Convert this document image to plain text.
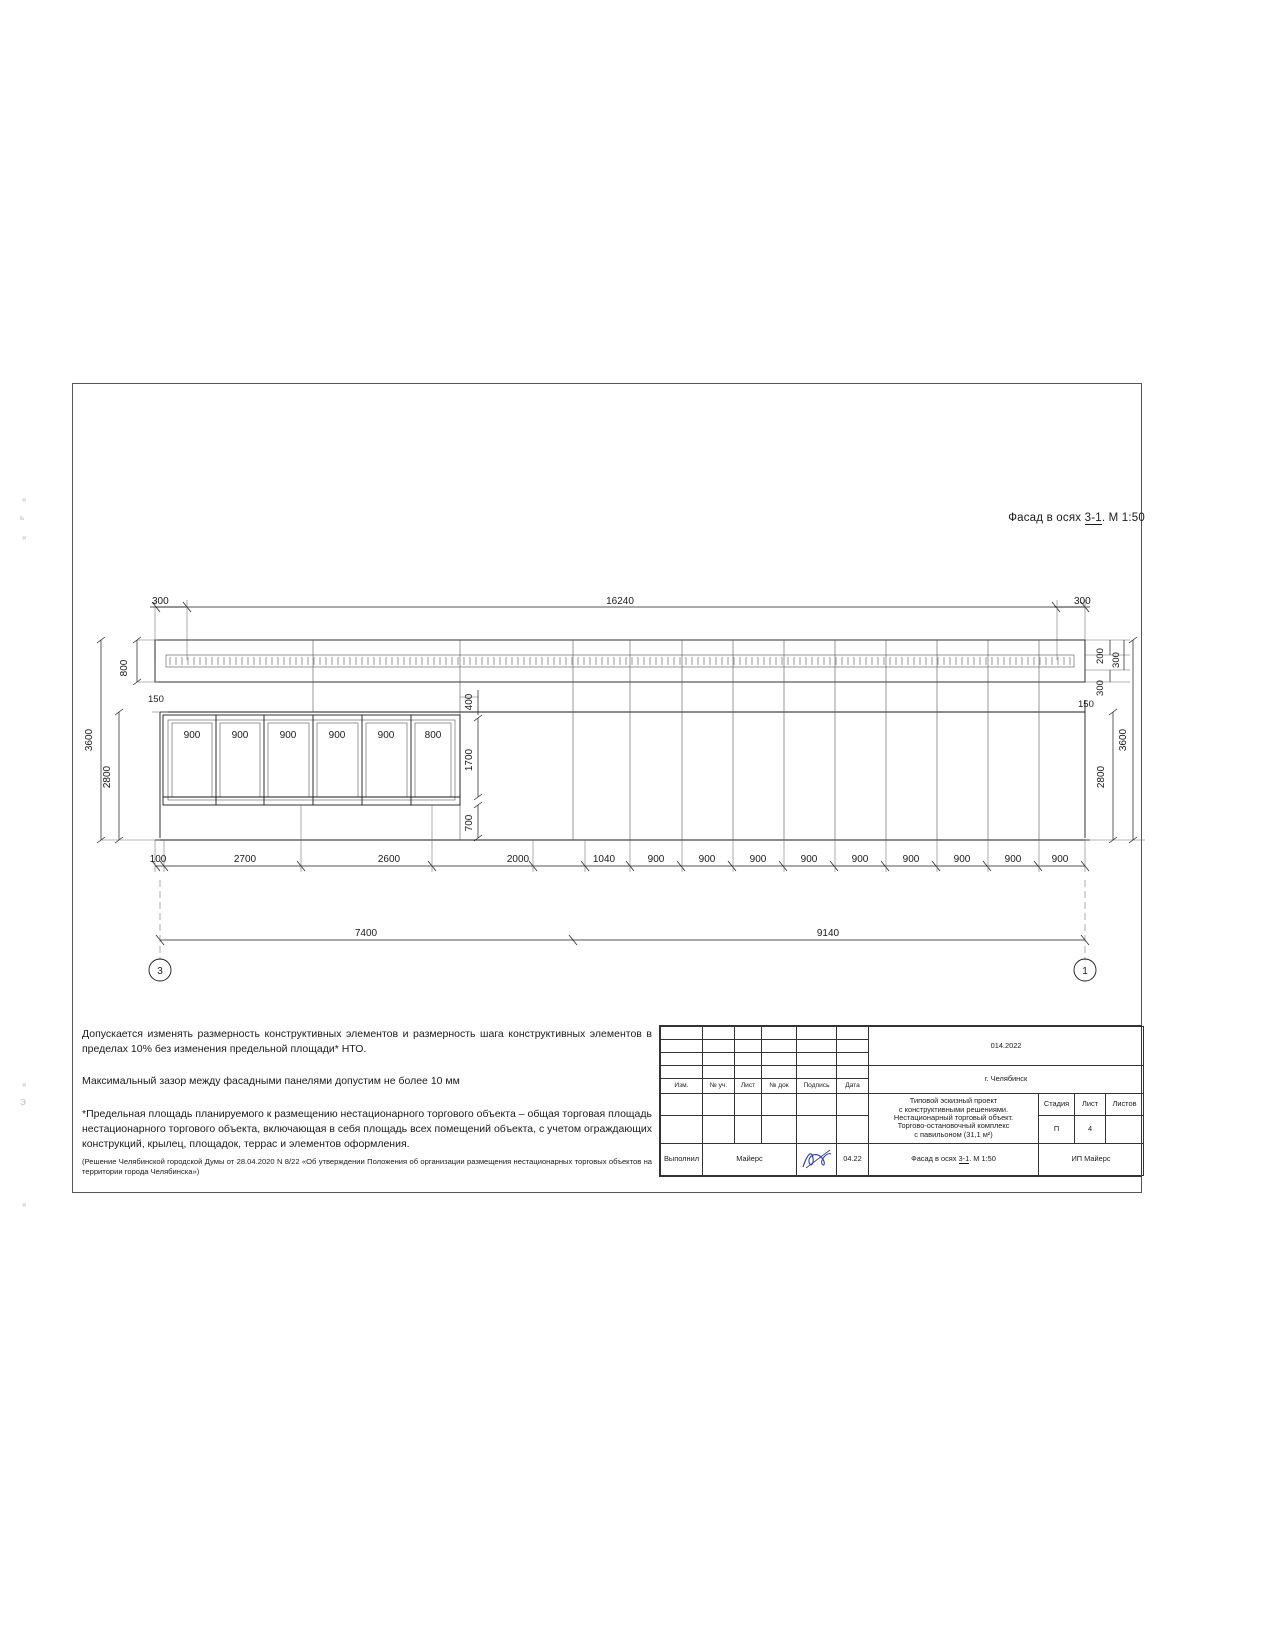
«
ь
«
«
Э
«
Фасад в осях 3-1. М 1:50
16240
300	300
900	900	900	900	900	800
800
150
2800
3600
200
300
300
150
2800
3600
400
1700
700
100	2700	2600	2000	1040	900	900	900	900	900	900	900	900	900
7400	9140
3	1

Допускается изменять размерность конструктивных элементов и размерность шага конструктивных элементов в пределах 10% без изменения предельной площади* НТО.

Максимальный зазор между фасадными панелями допустим не более 10 мм

*Предельная площадь планируемого к размещению нестационарного торгового объекта – общая торговая площадь нестационарного торгового объекта, включающая в себя площадь всех помещений объекта, с учетом ограждающих конструкций, крылец, площадок, террас и элементов оформления.

(Решение Челябинской городской Думы от 28.04.2020 N 8/22 «Об утверждении Положения об организации размещения нестационарных торговых объектов на территории города Челябинска»)

						014.2022			

						г. Челябинск			
Изм.	№ уч.	Лист	№ док	Подпись	Дата				
						Типовой эскизный проект
с конструктивными решениями.
Нестационарный торговый объект.
Торгово-остановочный комплекс
с павильоном (31,1 м²)	Стадия	Лист	Листов
							П	4	
Выполнил	Майерс				04.22	Фасад в осях 3-1. М 1:50	ИП Майерс		
